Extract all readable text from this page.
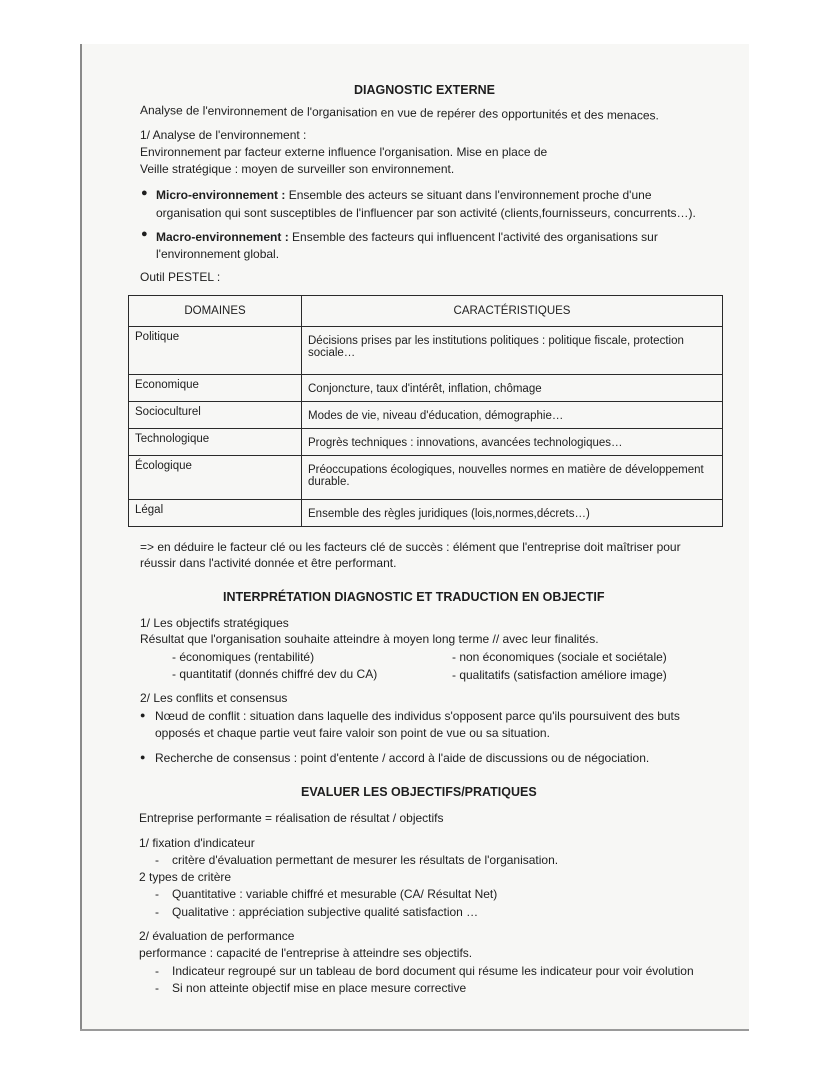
DIAGNOSTIC EXTERNE
Analyse de l'environnement de l'organisation en vue de repérer des opportunités et des menaces.
1/ Analyse de l'environnement :
Environnement par facteur externe influence l'organisation. Mise en place de
Veille stratégique : moyen de surveiller son environnement.
● Micro-environnement : Ensemble des acteurs se situant dans l'environnement proche d'une
organisation qui sont susceptibles de l'influencer par son activité (clients,fournisseurs, concurrents…).
● Macro-environnement : Ensemble des facteurs qui influencent l'activité des organisations sur
l'environnement global.
Outil PESTEL :
DOMAINES	CARACTÉRISTIQUES
Politique	Décisions prises par les institutions politiques : politique fiscale, protection sociale…
Economique	Conjoncture, taux d'intérêt, inflation, chômage
Socioculturel	Modes de vie, niveau d'éducation, démographie…
Technologique	Progrès techniques : innovations, avancées technologiques…
Écologique	Préoccupations écologiques, nouvelles normes en matière de développement durable.
Légal	Ensemble des règles juridiques (lois,normes,décrets…)
=> en déduire le facteur clé ou les facteurs clé de succès : élément que l'entreprise doit maîtriser pour
réussir dans l'activité donnée et être performant.
INTERPRÉTATION DIAGNOSTIC ET TRADUCTION EN OBJECTIF
1/ Les objectifs stratégiques
Résultat que l'organisation souhaite atteindre à moyen long terme // avec leur finalités.
- économiques (rentabilité)	- non économiques (sociale et sociétale)
- quantitatif (donnés chiffré dev du CA)	- qualitatifs (satisfaction améliore image)
2/ Les conflits et consensus
● Nœud de conflit : situation dans laquelle des individus s'opposent parce qu'ils poursuivent des buts
opposés et chaque partie veut faire valoir son point de vue ou sa situation.
● Recherche de consensus : point d'entente / accord à l'aide de discussions ou de négociation.
EVALUER LES OBJECTIFS/PRATIQUES
Entreprise performante = réalisation de résultat / objectifs
1/ fixation d'indicateur
- critère d'évaluation permettant de mesurer les résultats de l'organisation.
2 types de critère
- Quantitative : variable chiffré et mesurable (CA/ Résultat Net)
- Qualitative : appréciation subjective qualité satisfaction …
2/ évaluation de performance
performance : capacité de l'entreprise à atteindre ses objectifs.
- Indicateur regroupé sur un tableau de bord document qui résume les indicateur pour voir évolution
- Si non atteinte objectif mise en place mesure corrective
